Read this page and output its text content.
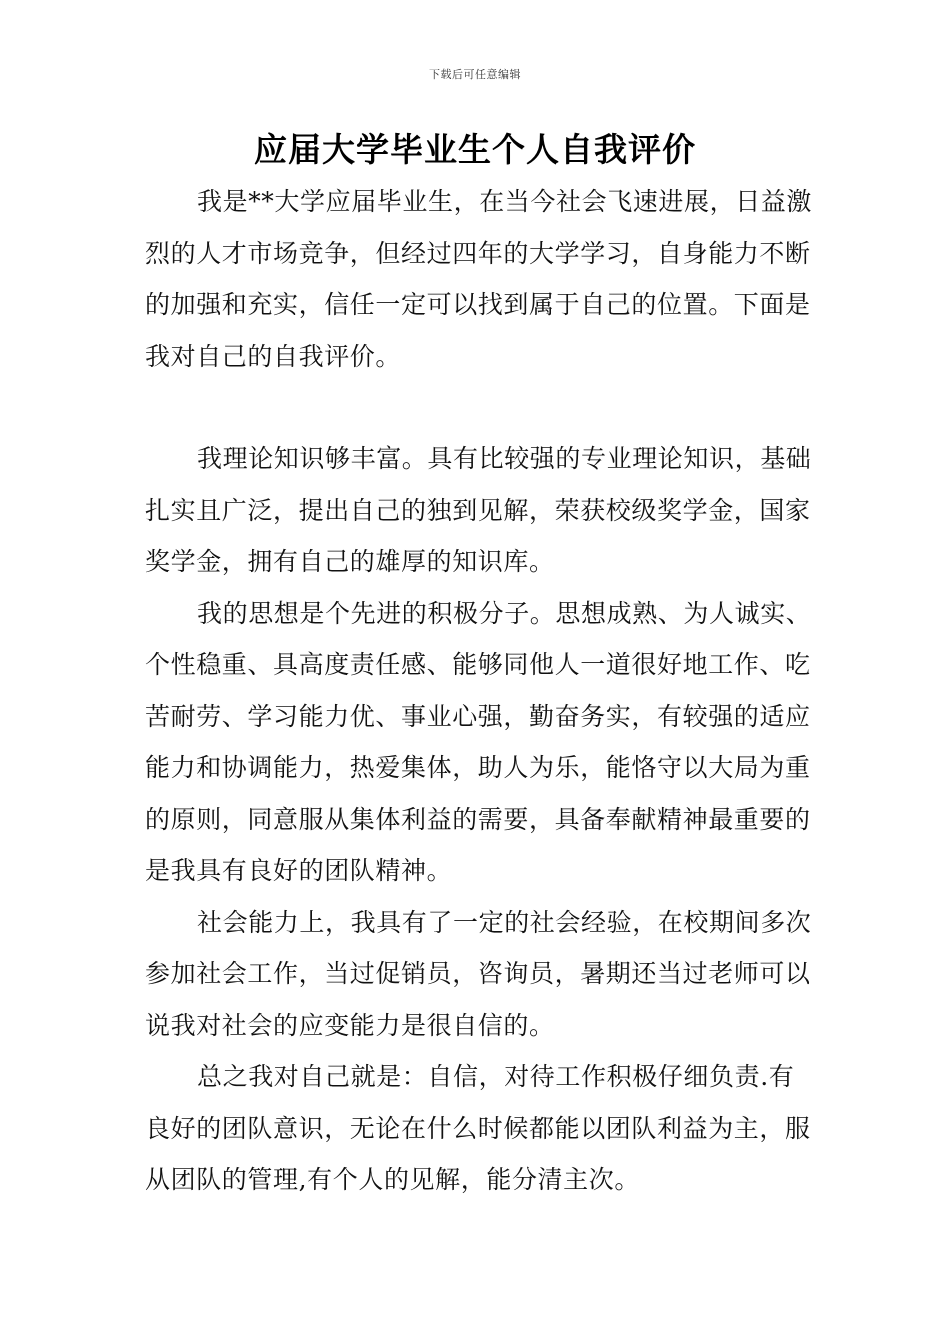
下载后可任意编辑
应届大学毕业生个人自我评价

我是**大学应届毕业生，在当今社会飞速进展，日益激烈的人才市场竞争，但经过四年的大学学习，自身能力不断的加强和充实，信任一定可以找到属于自己的位置。下面是我对自己的自我评价。

我理论知识够丰富。具有比较强的专业理论知识，基础扎实且广泛，提出自己的独到见解，荣获校级奖学金，国家奖学金，拥有自己的雄厚的知识库。

我的思想是个先进的积极分子。思想成熟、为人诚实、个性稳重、具高度责任感、能够同他人一道很好地工作、吃苦耐劳、学习能力优、事业心强，勤奋务实，有较强的适应能力和协调能力，热爱集体，助人为乐，能恪守以大局为重的原则，同意服从集体利益的需要，具备奉献精神最重要的是我具有良好的团队精神。

社会能力上，我具有了一定的社会经验，在校期间多次参加社会工作，当过促销员，咨询员，暑期还当过老师可以说我对社会的应变能力是很自信的。

总之我对自己就是：自信，对待工作积极仔细负责.有良好的团队意识，无论在什么时候都能以团队利益为主，服从团队的管理,有个人的见解，能分清主次。
